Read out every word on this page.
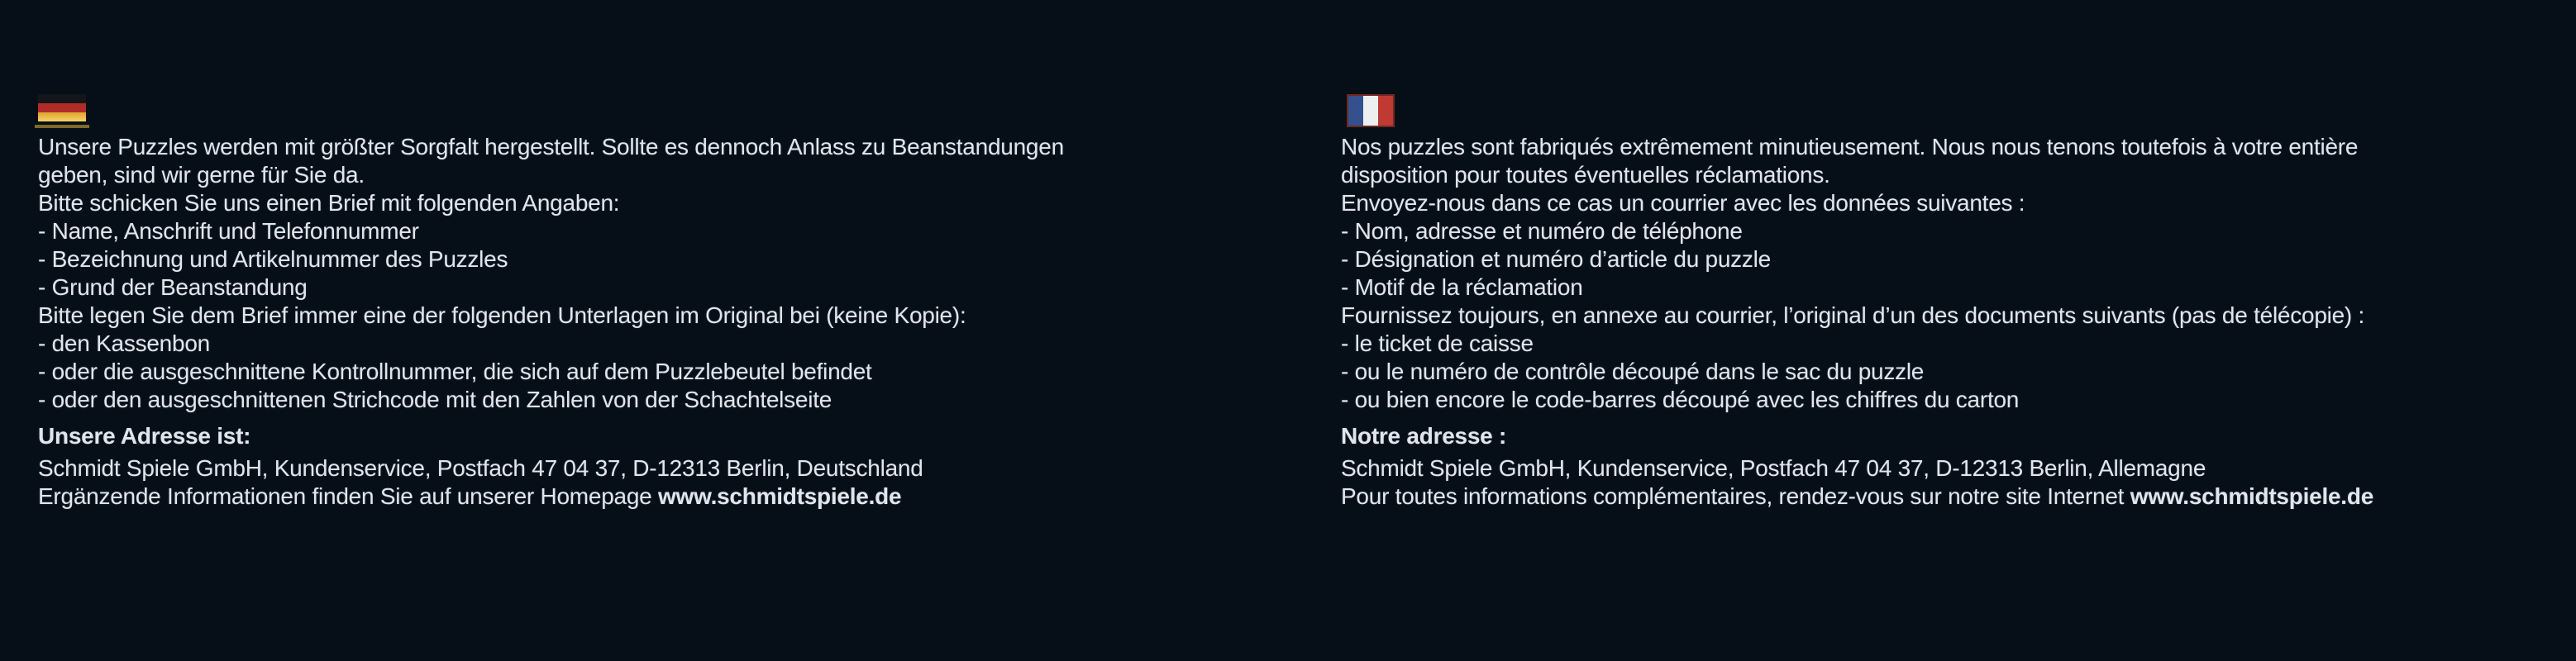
Unsere Puzzles werden mit größter Sorgfalt hergestellt. Sollte es dennoch Anlass zu Beanstandungen
geben, sind wir gerne für Sie da.
Bitte schicken Sie uns einen Brief mit folgenden Angaben:
- Name, Anschrift und Telefonnummer
- Bezeichnung und Artikelnummer des Puzzles
- Grund der Beanstandung
Bitte legen Sie dem Brief immer eine der folgenden Unterlagen im Original bei (keine Kopie):
- den Kassenbon
- oder die ausgeschnittene Kontrollnummer, die sich auf dem Puzzlebeutel befindet
- oder den ausgeschnittenen Strichcode mit den Zahlen von der Schachtelseite
Unsere Adresse ist:
Schmidt Spiele GmbH, Kundenservice, Postfach 47 04 37, D-12313 Berlin, Deutschland
Ergänzende Informationen finden Sie auf unserer Homepage www.schmidtspiele.de
Nos puzzles sont fabriqués extrêmement minutieusement. Nous nous tenons toutefois à votre entière
disposition pour toutes éventuelles réclamations.
Envoyez-nous dans ce cas un courrier avec les données suivantes :
- Nom, adresse et numéro de téléphone
- Désignation et numéro d’article du puzzle
- Motif de la réclamation
Fournissez toujours, en annexe au courrier, l’original d’un des documents suivants (pas de télécopie) :
- le ticket de caisse
- ou le numéro de contrôle découpé dans le sac du puzzle
- ou bien encore le code-barres découpé avec les chiffres du carton
Notre adresse :
Schmidt Spiele GmbH, Kundenservice, Postfach 47 04 37, D-12313 Berlin, Allemagne
Pour toutes informations complémentaires, rendez-vous sur notre site Internet www.schmidtspiele.de
